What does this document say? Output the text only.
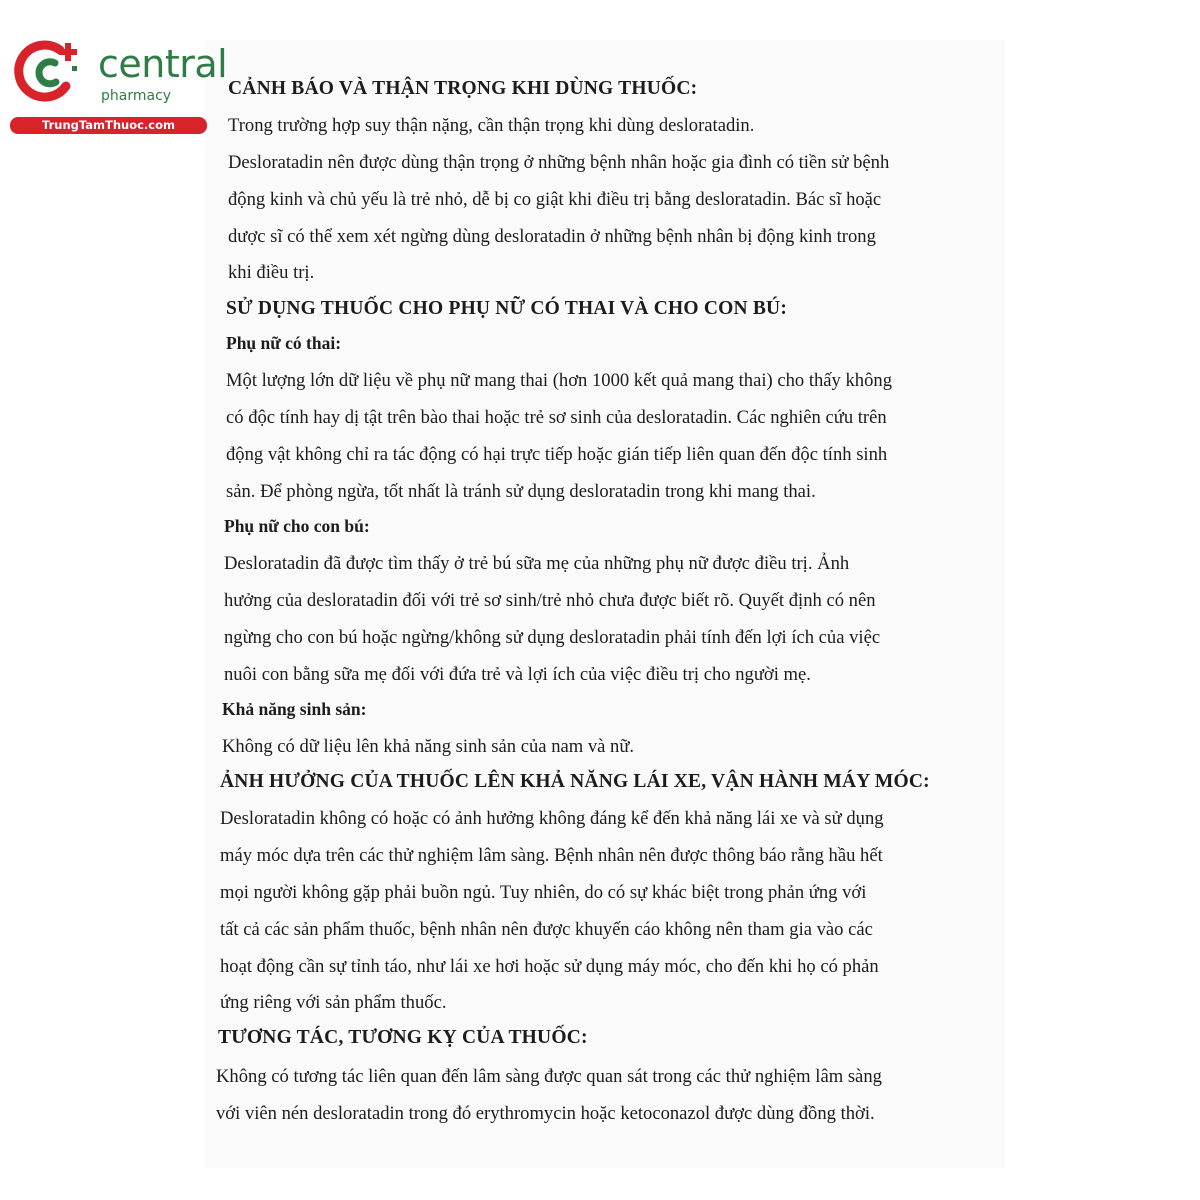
central
pharmacy
TrungTamThuoc.com
CẢNH BÁO VÀ THẬN TRỌNG KHI DÙNG THUỐC:
Trong trường hợp suy thận nặng, cần thận trọng khi dùng desloratadin.
Desloratadin nên được dùng thận trọng ở những bệnh nhân hoặc gia đình có tiền sử bệnh
động kinh và chủ yếu là trẻ nhỏ, dễ bị co giật khi điều trị bằng desloratadin. Bác sĩ hoặc
dược sĩ có thể xem xét ngừng dùng desloratadin ở những bệnh nhân bị động kinh trong
khi điều trị.
SỬ DỤNG THUỐC CHO PHỤ NỮ CÓ THAI VÀ CHO CON BÚ:
Phụ nữ có thai:
Một lượng lớn dữ liệu về phụ nữ mang thai (hơn 1000 kết quả mang thai) cho thấy không
có độc tính hay dị tật trên bào thai hoặc trẻ sơ sinh của desloratadin. Các nghiên cứu trên
động vật không chỉ ra tác động có hại trực tiếp hoặc gián tiếp liên quan đến độc tính sinh
sản. Để phòng ngừa, tốt nhất là tránh sử dụng desloratadin trong khi mang thai.
Phụ nữ cho con bú:
Desloratadin đã được tìm thấy ở trẻ bú sữa mẹ của những phụ nữ được điều trị. Ảnh
hưởng của desloratadin đối với trẻ sơ sinh/trẻ nhỏ chưa được biết rõ. Quyết định có nên
ngừng cho con bú hoặc ngừng/không sử dụng desloratadin phải tính đến lợi ích của việc
nuôi con bằng sữa mẹ đối với đứa trẻ và lợi ích của việc điều trị cho người mẹ.
Khả năng sinh sản:
Không có dữ liệu lên khả năng sinh sản của nam và nữ.
ẢNH HƯỞNG CỦA THUỐC LÊN KHẢ NĂNG LÁI XE, VẬN HÀNH MÁY MÓC:
Desloratadin không có hoặc có ảnh hưởng không đáng kể đến khả năng lái xe và sử dụng
máy móc dựa trên các thử nghiệm lâm sàng. Bệnh nhân nên được thông báo rằng hầu hết
mọi người không gặp phải buồn ngủ. Tuy nhiên, do có sự khác biệt trong phản ứng với
tất cả các sản phẩm thuốc, bệnh nhân nên được khuyến cáo không nên tham gia vào các
hoạt động cần sự tỉnh táo, như lái xe hơi hoặc sử dụng máy móc, cho đến khi họ có phản
ứng riêng với sản phẩm thuốc.
TƯƠNG TÁC, TƯƠNG KỴ CỦA THUỐC:
Không có tương tác liên quan đến lâm sàng được quan sát trong các thử nghiệm lâm sàng
với viên nén desloratadin trong đó erythromycin hoặc ketoconazol được dùng đồng thời.
